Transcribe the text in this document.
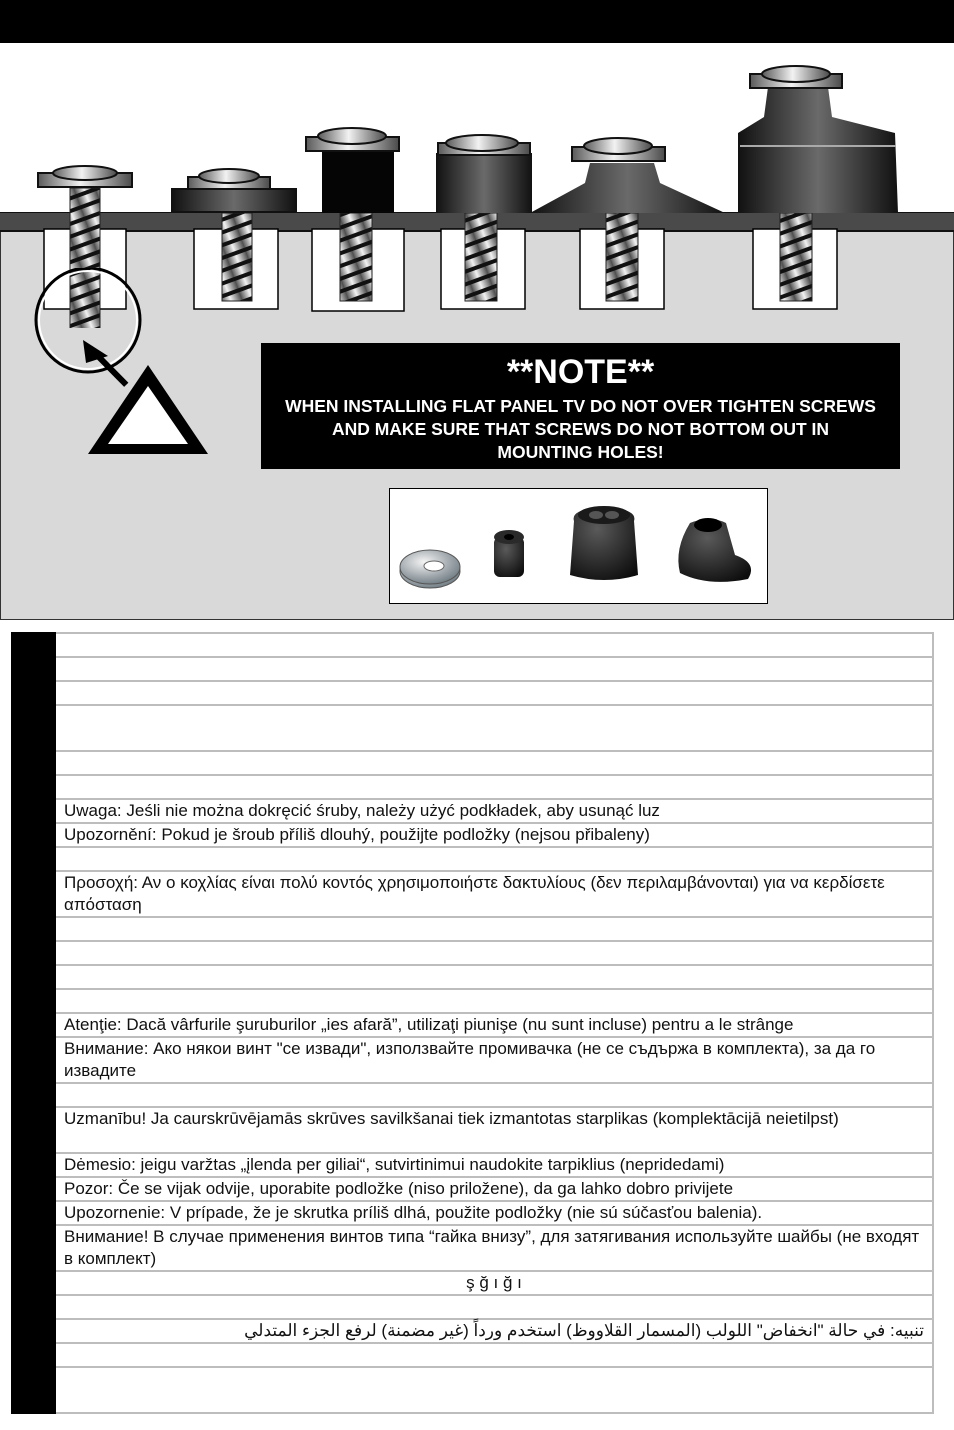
**NOTE**
WHEN INSTALLING FLAT PANEL TV DO NOT OVER TIGHTEN SCREWS AND MAKE SURE THAT SCREWS DO NOT BOTTOM OUT IN MOUNTING HOLES!

	Uwaga: Jeśli nie można dokręcić śruby, należy użyć podkładek, aby usunąć luz
	Upozornění: Pokud je šroub příliš dlouhý, použijte podložky (nejsou přibaleny)

	Προσοχή: Αν ο κοχλίας είναι πολύ κοντός χρησιμοποιήστε δακτυλίους (δεν περιλαμβάνονται) για να κερδίσετε απόσταση

	Atenţie: Dacă vârfurile şuruburilor „ies afară”, utilizaţi piunişe (nu sunt incluse) pentru a le strânge
	Внимание: Ако някои винт "се извади", използвайте промивачка (не се съдържа в комплекта), за да го извадите

	Uzmanību! Ja caurskrūvējamās skrūves savilkšanai tiek izmantotas starplikas (komplektācijā neietilpst)
	Dėmesio: jeigu varžtas „įlenda per giliai“, sutvirtinimui naudokite tarpiklius (nepridedami)
	Pozor: Če se vijak odvije, uporabite podložke (niso priložene), da ga lahko dobro privijete
	Upozornenie: V prípade, že je skrutka príliš dlhá, použite podložky (nie sú súčasťou balenia).
	Внимание! В случае применения винтов типа “гайка внизу”, для затягивания используйте шайбы (не входят в комплект)
	ş ğ ı ğ ı

	تنبيه: في حالة "انخفاض" اللولب (المسمار القلاووظ) استخدم ورداً (غير مضمنة) لرفع الجزء المتدلي
